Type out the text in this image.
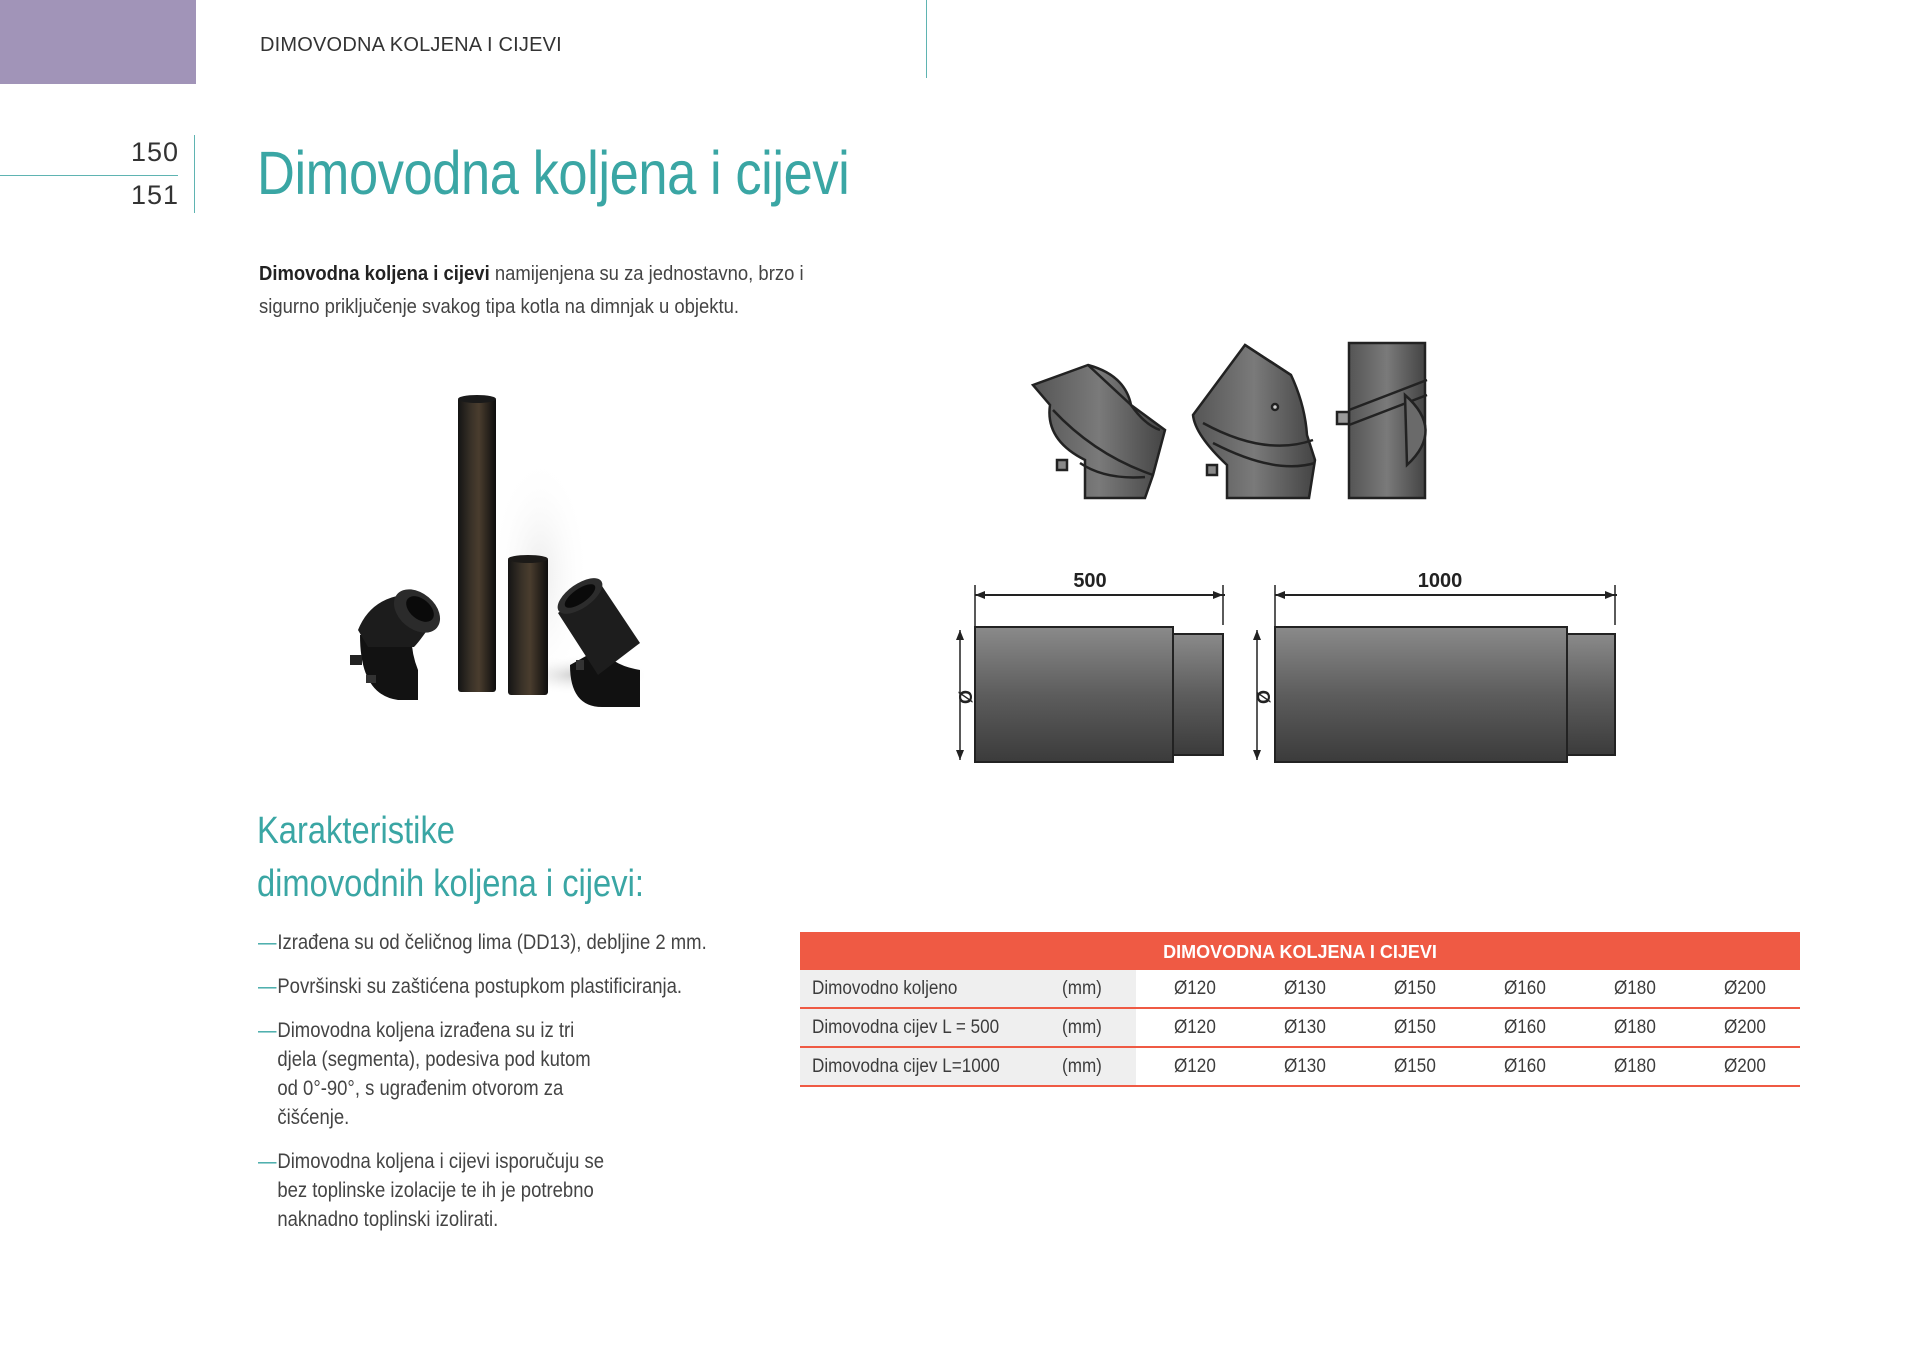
DIMOVODNA KOLJENA I CIJEVI
150
151 Dimovodna koljena i cijevi

Dimovodna koljena i cijevi namijenjena su za jednostavno, brzo i sigurno priključenje svakog tipa kotla na dimnjak u objektu.

500
Ø
1000
Ø
Karakteristike
dimovodnih koljena i cijevi:
— Izrađena su od čeličnog lima (DD13), debljine 2 mm.
— Površinski su zaštićena postupkom plastificiranja.
— Dimovodna koljena izrađena su iz tri djela (segmenta), podesiva pod kutom od 0°-90°, s ugrađenim otvorom za čišćenje.
— Dimovodna koljena i cijevi isporučuju se bez toplinske izolacije te ih je potrebno naknadno toplinski izolirati.
DIMOVODNA KOLJENA I CIJEVI
Dimovodno koljeno	(mm)	Ø120	Ø130	Ø150	Ø160	Ø180	Ø200
Dimovodna cijev L = 500	(mm)	Ø120	Ø130	Ø150	Ø160	Ø180	Ø200
Dimovodna cijev L=1000	(mm)	Ø120	Ø130	Ø150	Ø160	Ø180	Ø200
